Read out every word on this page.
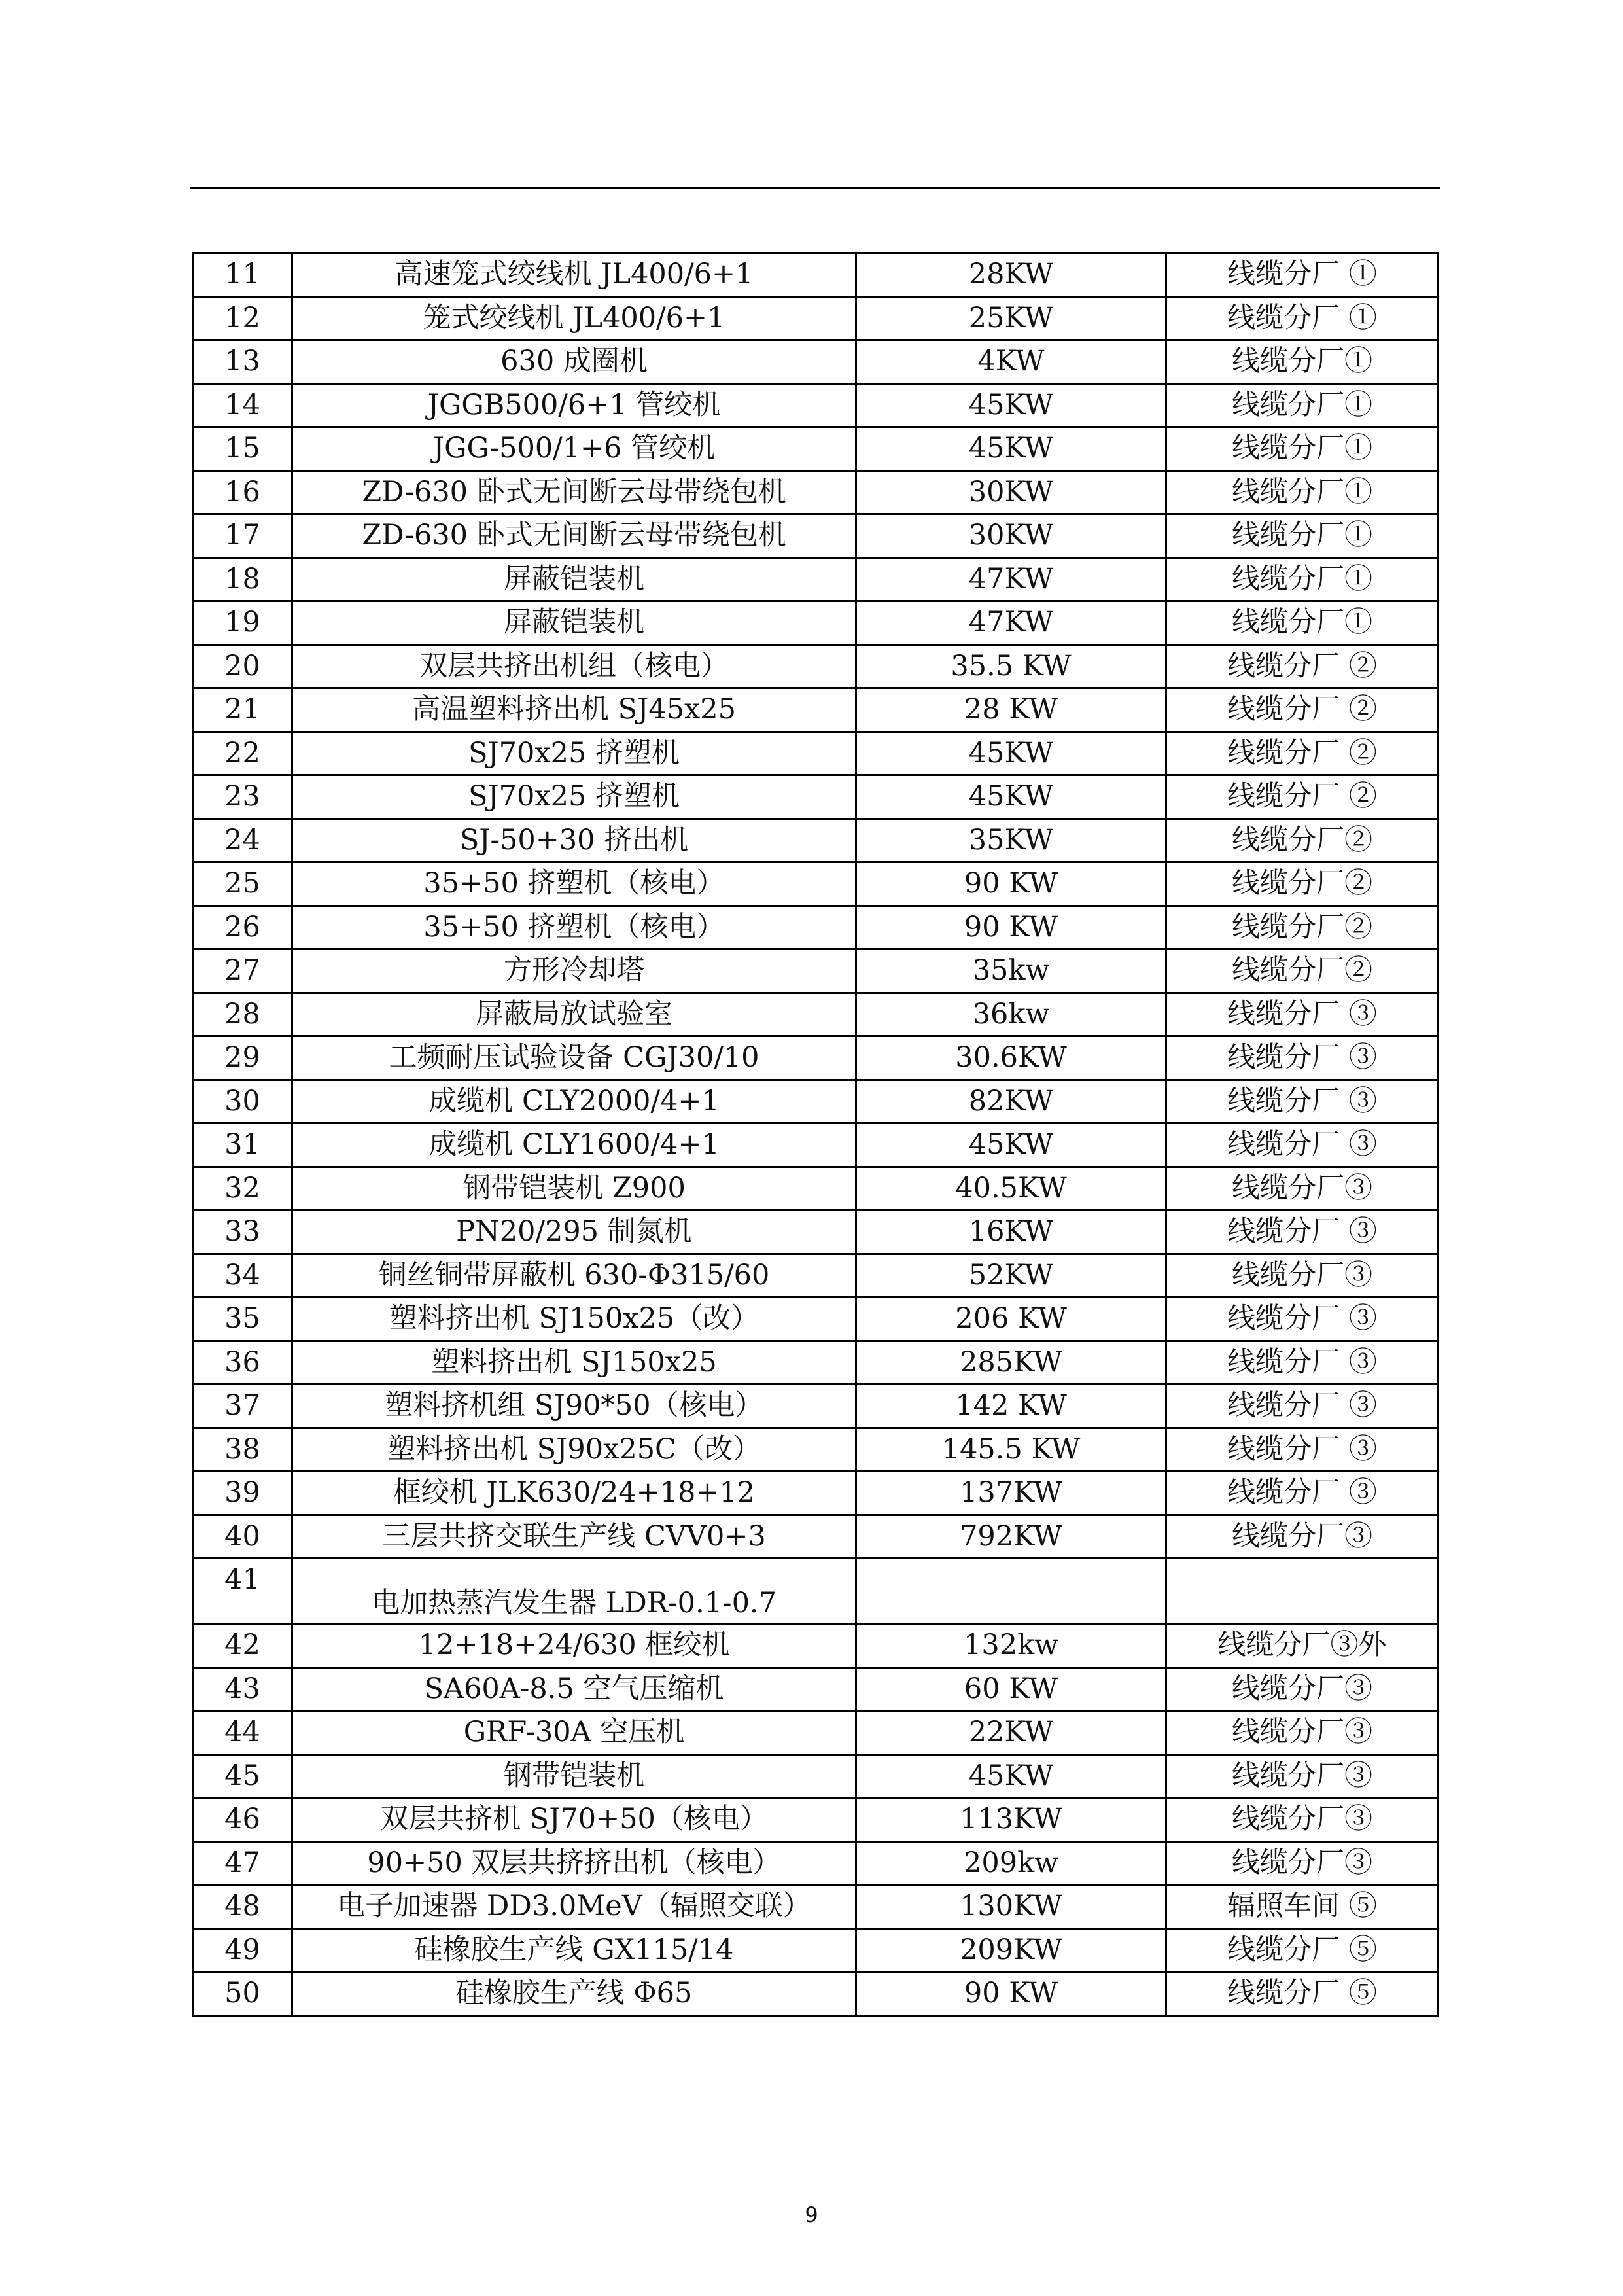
11	高速笼式绞线机 JL400/6+1	28KW	线缆分厂 ①
12	笼式绞线机 JL400/6+1	25KW	线缆分厂 ①
13	630 成圈机	4KW	线缆分厂①
14	JGGB500/6+1 管绞机	45KW	线缆分厂①
15	JGG-500/1+6 管绞机	45KW	线缆分厂①
16	ZD-630 卧式无间断云母带绕包机	30KW	线缆分厂①
17	ZD-630 卧式无间断云母带绕包机	30KW	线缆分厂①
18	屏蔽铠装机	47KW	线缆分厂①
19	屏蔽铠装机	47KW	线缆分厂①
20	双层共挤出机组（核电）	35.5 KW	线缆分厂 ②
21	高温塑料挤出机 SJ45x25	28 KW	线缆分厂 ②
22	SJ70x25 挤塑机	45KW	线缆分厂 ②
23	SJ70x25 挤塑机	45KW	线缆分厂 ②
24	SJ-50+30 挤出机	35KW	线缆分厂②
25	35+50 挤塑机（核电）	90 KW	线缆分厂②
26	35+50 挤塑机（核电）	90 KW	线缆分厂②
27	方形冷却塔	35kw	线缆分厂②
28	屏蔽局放试验室	36kw	线缆分厂 ③
29	工频耐压试验设备 CGJ30/10	30.6KW	线缆分厂 ③
30	成缆机 CLY2000/4+1	82KW	线缆分厂 ③
31	成缆机 CLY1600/4+1	45KW	线缆分厂 ③
32	钢带铠装机 Z900	40.5KW	线缆分厂③
33	PN20/295 制氮机	16KW	线缆分厂 ③
34	铜丝铜带屏蔽机 630-Φ315/60	52KW	线缆分厂③
35	塑料挤出机 SJ150x25（改）	206 KW	线缆分厂 ③
36	塑料挤出机 SJ150x25	285KW	线缆分厂 ③
37	塑料挤机组 SJ90*50（核电）	142 KW	线缆分厂 ③
38	塑料挤出机 SJ90x25C（改）	145.5 KW	线缆分厂 ③
39	框绞机 JLK630/24+18+12	137KW	线缆分厂 ③
40	三层共挤交联生产线 CVV0+3	792KW	线缆分厂③
41	电加热蒸汽发生器 LDR-0.1-0.7		
42	12+18+24/630 框绞机	132kw	线缆分厂③外
43	SA60A-8.5 空气压缩机	60 KW	线缆分厂③
44	GRF-30A 空压机	22KW	线缆分厂③
45	钢带铠装机	45KW	线缆分厂③
46	双层共挤机 SJ70+50（核电）	113KW	线缆分厂③
47	90+50 双层共挤挤出机（核电）	209kw	线缆分厂③
48	电子加速器 DD3.0MeV（辐照交联）	130KW	辐照车间 ⑤
49	硅橡胶生产线 GX115/14	209KW	线缆分厂 ⑤
50	硅橡胶生产线 Φ65	90 KW	线缆分厂 ⑤
9
